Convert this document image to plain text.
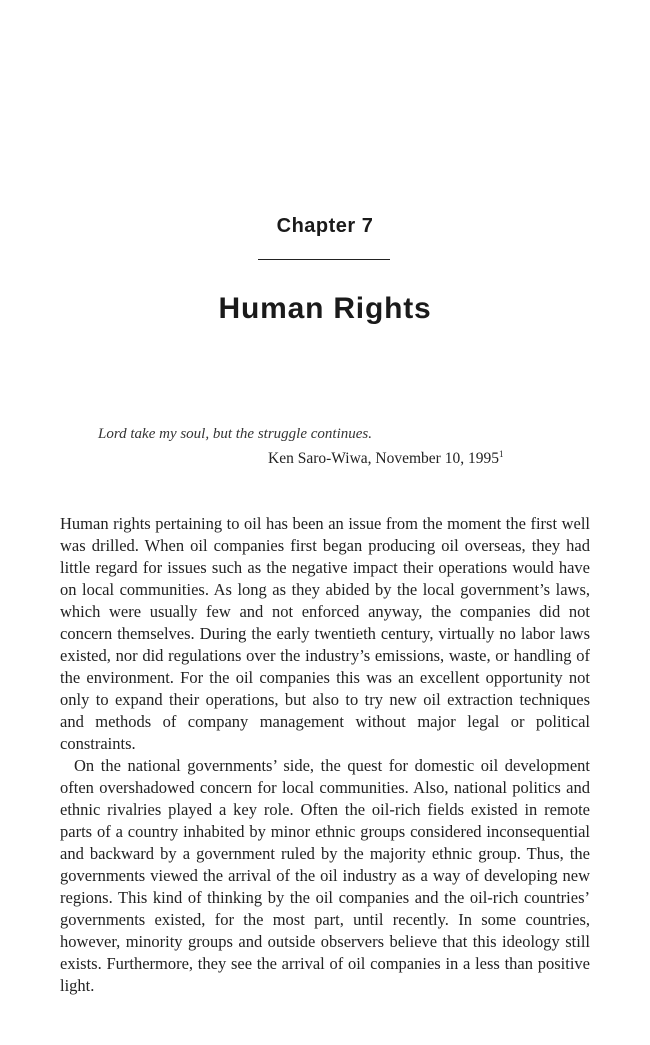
Chapter 7
Human Rights
Lord take my soul, but the struggle continues.
Ken Saro-Wiwa, November 10, 1995$^1$

Human rights pertaining to oil has been an issue from the moment the first well was drilled. When oil companies first began producing oil overseas, they had little regard for issues such as the negative impact their operations would have on local communities. As long as they abided by the local government’s laws, which were usually few and not enforced anyway, the companies did not concern themselves. During the early twentieth century, virtually no labor laws existed, nor did regulations over the industry’s emissions, waste, or handling of the environment. For the oil companies this was an excellent opportunity not only to expand their operations, but also to try new oil extraction techniques and methods of company management without major legal or political constraints.

On the national governments’ side, the quest for domestic oil development often overshadowed concern for local communities. Also, national politics and ethnic rivalries played a key role. Often the oil-rich fields existed in remote parts of a country inhabited by minor ethnic groups considered inconsequential and backward by a government ruled by the majority ethnic group. Thus, the governments viewed the arrival of the oil industry as a way of developing new regions. This kind of thinking by the oil companies and the oil-rich countries’ governments existed, for the most part, until recently. In some countries, however, minority groups and outside observers believe that this ideology still exists. Furthermore, they see the arrival of oil companies in a less than positive light.
